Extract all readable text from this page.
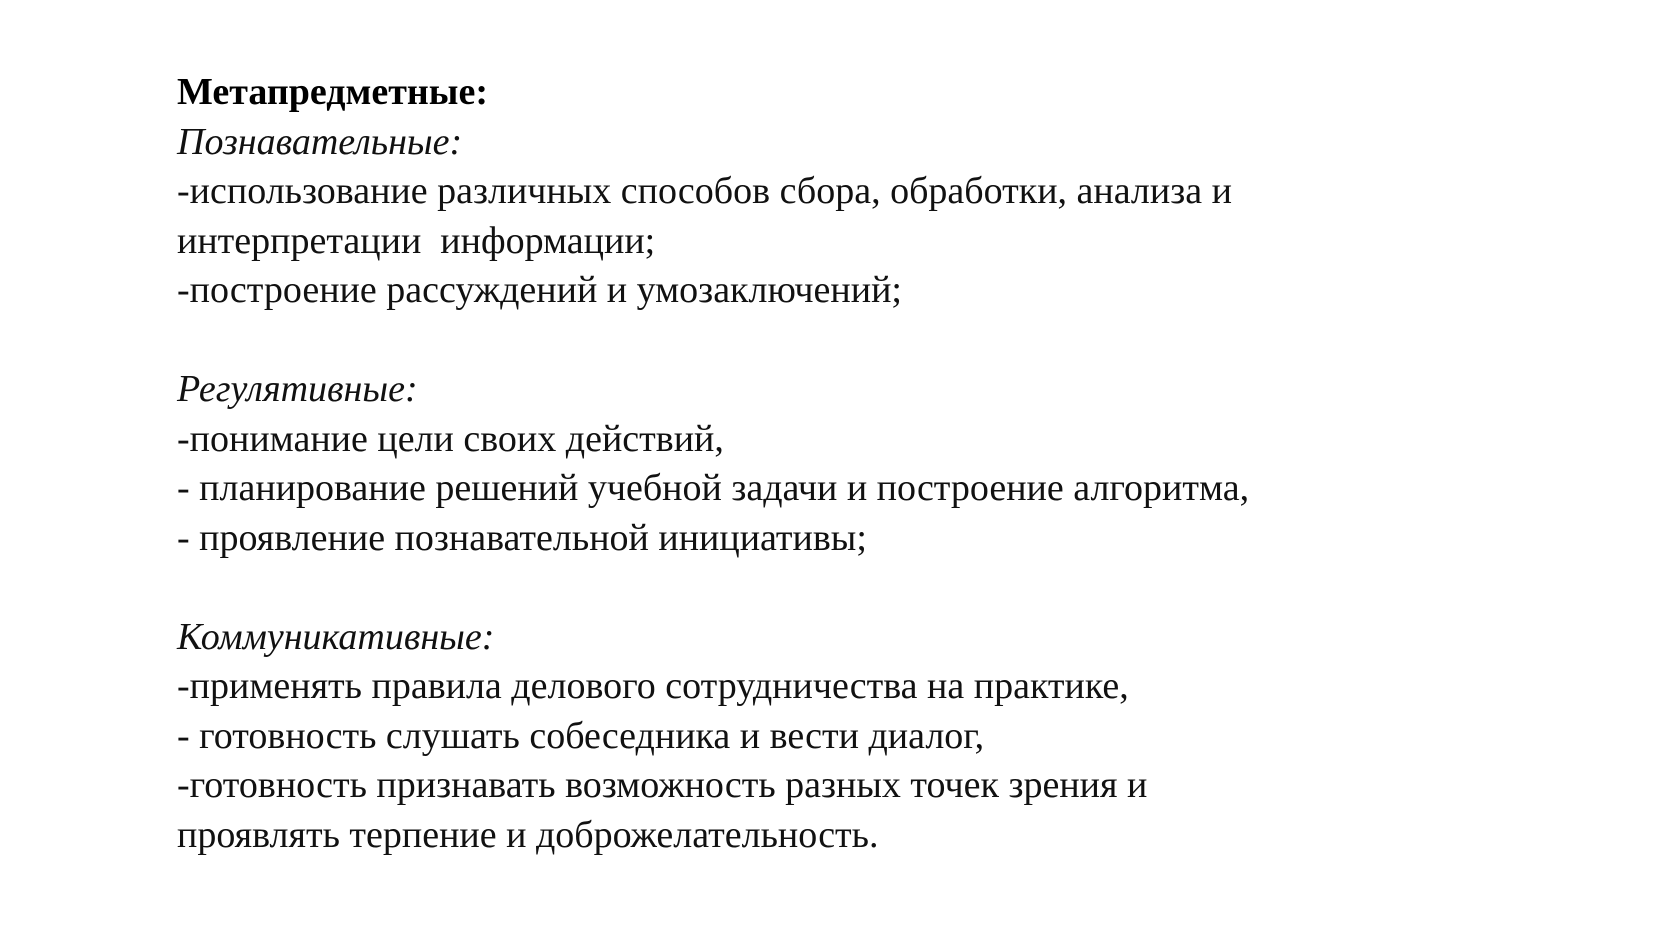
Метапредметные:
Познавательные:
-использование различных способов сбора, обработки, анализа и
интерпретации  информации;
-построение рассуждений и умозаключений;
Регулятивные:
-понимание цели своих действий,
- планирование решений учебной задачи и построение алгоритма,
- проявление познавательной инициативы;
Коммуникативные:
-применять правила делового сотрудничества на практике,
- готовность слушать собеседника и вести диалог,
-готовность признавать возможность разных точек зрения и
проявлять терпение и доброжелательность.
